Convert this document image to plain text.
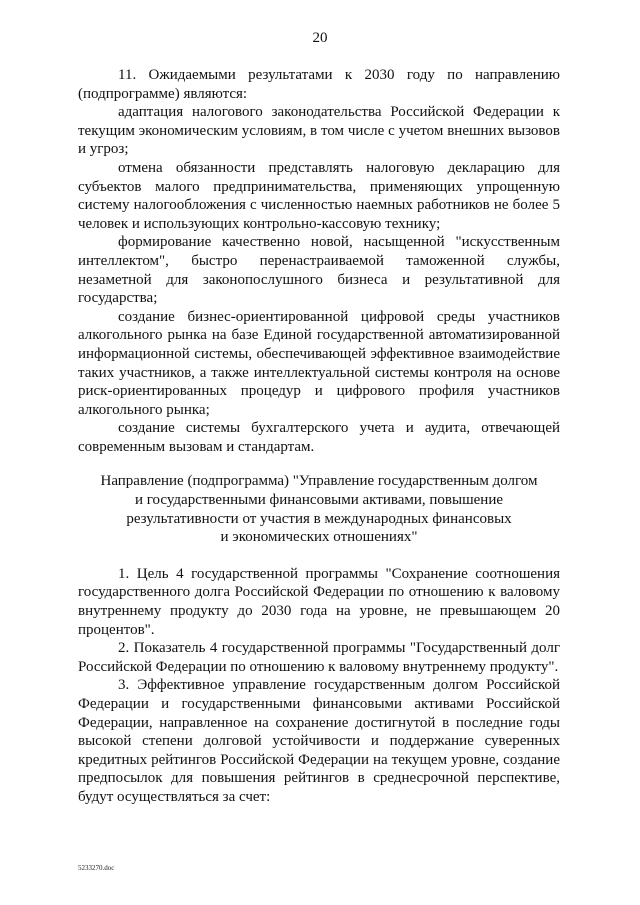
20

11. Ожидаемыми результатами к 2030 году по направлению (подпрограмме) являются:

адаптация налогового законодательства Российской Федерации к текущим экономическим условиям, в том числе с учетом внешних вызовов и угроз;

отмена обязанности представлять налоговую декларацию для субъектов малого предпринимательства, применяющих упрощенную систему налогообложения с численностью наемных работников не более 5 человек и использующих контрольно-кассовую технику;

формирование качественно новой, насыщенной "искусственным интеллектом", быстро перенастраиваемой таможенной службы, незаметной для законопослушного бизнеса и результативной для государства;

создание бизнес-ориентированной цифровой среды участников алкогольного рынка на базе Единой государственной автоматизированной информационной системы, обеспечивающей эффективное взаимодействие таких участников, а также интеллектуальной системы контроля на основе риск-ориентированных процедур и цифрового профиля участников алкогольного рынка;

создание системы бухгалтерского учета и аудита, отвечающей современным вызовам и стандартам.

Направление (подпрограмма) "Управление государственным долгом
и государственными финансовыми активами, повышение
результативности от участия в международных финансовых
и экономических отношениях"

1. Цель 4 государственной программы "Сохранение соотношения государственного долга Российской Федерации по отношению к валовому внутреннему продукту до 2030 года на уровне, не превышающем 20 процентов".

2. Показатель 4 государственной программы "Государственный долг Российской Федерации по отношению к валовому внутреннему продукту".

3. Эффективное управление государственным долгом Российской Федерации и государственными финансовыми активами Российской Федерации, направленное на сохранение достигнутой в последние годы высокой степени долговой устойчивости и поддержание суверенных кредитных рейтингов Российской Федерации на текущем уровне, создание предпосылок для повышения рейтингов в среднесрочной перспективе, будут осуществляться за счет:

5233270.doc
